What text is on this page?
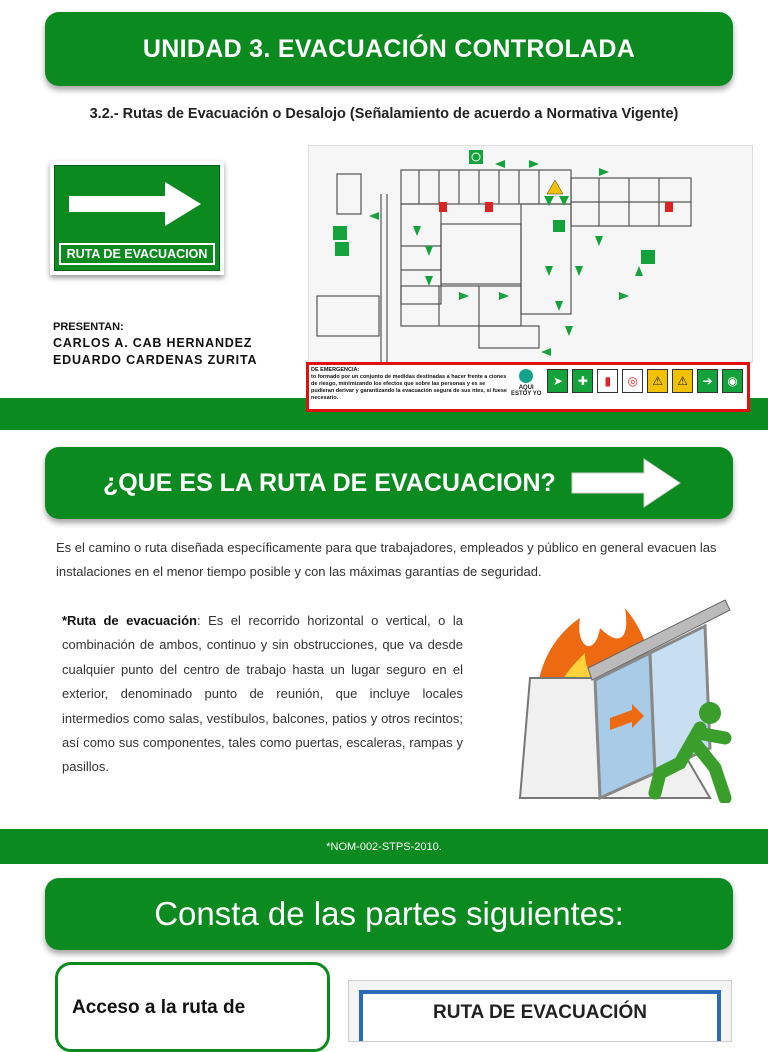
UNIDAD 3. EVACUACIÓN CONTROLADA
3.2.- Rutas de Evacuación o Desalojo (Señalamiento de acuerdo a Normativa Vigente)
RUTA DE EVACUACION
PRESENTAN:
CARLOS A. CAB HERNANDEZ
EDUARDO CARDENAS ZURITA
DE EMERGENCIA:
to formado por un conjunto de medidas destinadas a hacer frente a ciones de riesgo, minimizando los efectos que sobre las personas y es se pudieran derivar y garantizando la evacuación segura de sus ntes, si fuese necesario.
AQUI ESTOY YO
➤	✚	▮	◎	⚠	⚠	➔	◉
¿QUE ES LA RUTA DE EVACUACION?
Es el camino o ruta diseñada específicamente para que trabajadores, empleados y público en general evacuen las instalaciones en el menor tiempo posible y con las máximas garantías de seguridad.
*Ruta de evacuación: Es el recorrido horizontal o vertical, o la combinación de ambos, continuo y sin obstrucciones, que va desde cualquier punto del centro de trabajo hasta un lugar seguro en el exterior, denominado punto de reunión, que incluye locales intermedios como salas, vestíbulos, balcones, patios y otros recintos; así como sus componentes, tales como puertas, escaleras, rampas y pasillos.
*NOM-002-STPS-2010.
Consta de las partes siguientes:
Acceso a la ruta de	RUTA DE EVACUACIÓN
